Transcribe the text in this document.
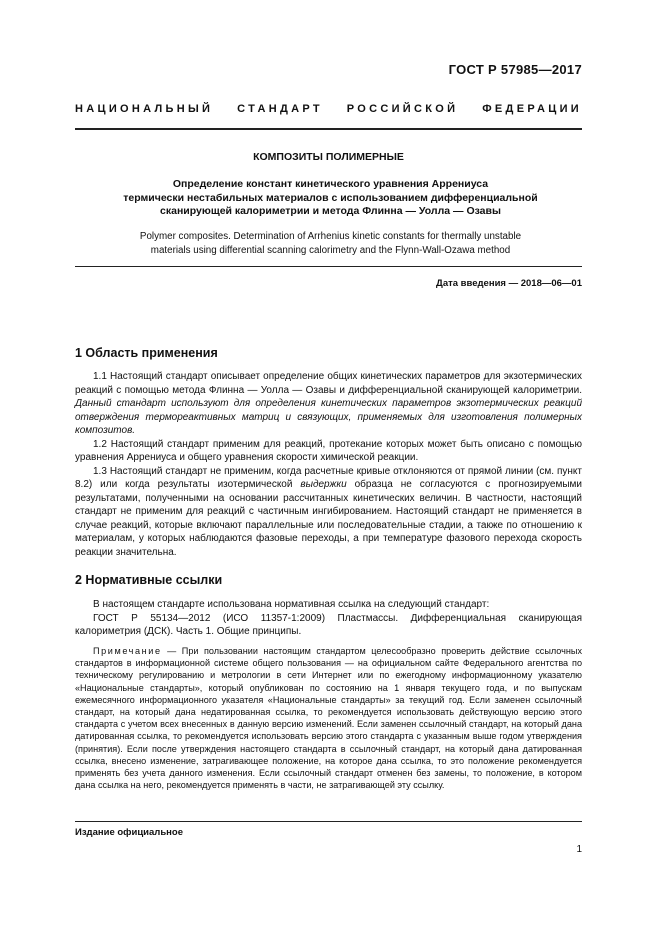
ГОСТ Р 57985—2017
НАЦИОНАЛЬНЫЙ СТАНДАРТ РОССИЙСКОЙ ФЕДЕРАЦИИ
КОМПОЗИТЫ ПОЛИМЕРНЫЕ
Определение констант кинетического уравнения Аррениуса
термически нестабильных материалов с использованием дифференциальной
сканирующей калориметрии и метода Флинна — Уолла — Озавы
Polymer composites. Determination of Arrhenius kinetic constants for thermally unstable
materials using differential scanning calorimetry and the Flynn-Wall-Ozawa method
Дата введения — 2018—06—01
1 Область применения

1.1 Настоящий стандарт описывает определение общих кинетических параметров для экзотермических реакций с помощью метода Флинна — Уолла — Озавы и дифференциальной сканирующей калориметрии. Данный стандарт используют для определения кинетических параметров экзотермических реакций отверждения термореактивных матриц и связующих, применяемых для изготовления полимерных композитов.

1.2 Настоящий стандарт применим для реакций, протекание которых может быть описано с помощью уравнения Аррениуса и общего уравнения скорости химической реакции.

1.3 Настоящий стандарт не применим, когда расчетные кривые отклоняются от прямой линии (см. пункт 8.2) или когда результаты изотермической выдержки образца не согласуются с прогнозируемыми результатами, полученными на основании рассчитанных кинетических величин. В частности, настоящий стандарт не применим для реакций с частичным ингибированием. Настоящий стандарт не применяется в случае реакций, которые включают параллельные или последовательные стадии, а также по отношению к материалам, у которых наблюдаются фазовые переходы, а при температуре фазового перехода скорость реакции значительна.

2 Нормативные ссылки

В настоящем стандарте использована нормативная ссылка на следующий стандарт:

ГОСТ Р 55134—2012 (ИСО 11357-1:2009) Пластмассы. Дифференциальная сканирующая калориметрия (ДСК). Часть 1. Общие принципы.

Примечание — При пользовании настоящим стандартом целесообразно проверить действие ссылочных стандартов в информационной системе общего пользования — на официальном сайте Федерального агентства по техническому регулированию и метрологии в сети Интернет или по ежегодному информационному указателю «Национальные стандарты», который опубликован по состоянию на 1 января текущего года, и по выпускам ежемесячного информационного указателя «Национальные стандарты» за текущий год. Если заменен ссылочный стандарт, на который дана недатированная ссылка, то рекомендуется использовать действующую версию этого стандарта с учетом всех внесенных в данную версию изменений. Если заменен ссылочный стандарт, на который дана датированная ссылка, то рекомендуется использовать версию этого стандарта с указанным выше годом утверждения (принятия). Если после утверждения настоящего стандарта в ссылочный стандарт, на который дана датированная ссылка, внесено изменение, затрагивающее положение, на которое дана ссылка, то это положение рекомендуется применять без учета данного изменения. Если ссылочный стандарт отменен без замены, то положение, в котором дана ссылка на него, рекомендуется применять в части, не затрагивающей эту ссылку.

Издание официальное
1
